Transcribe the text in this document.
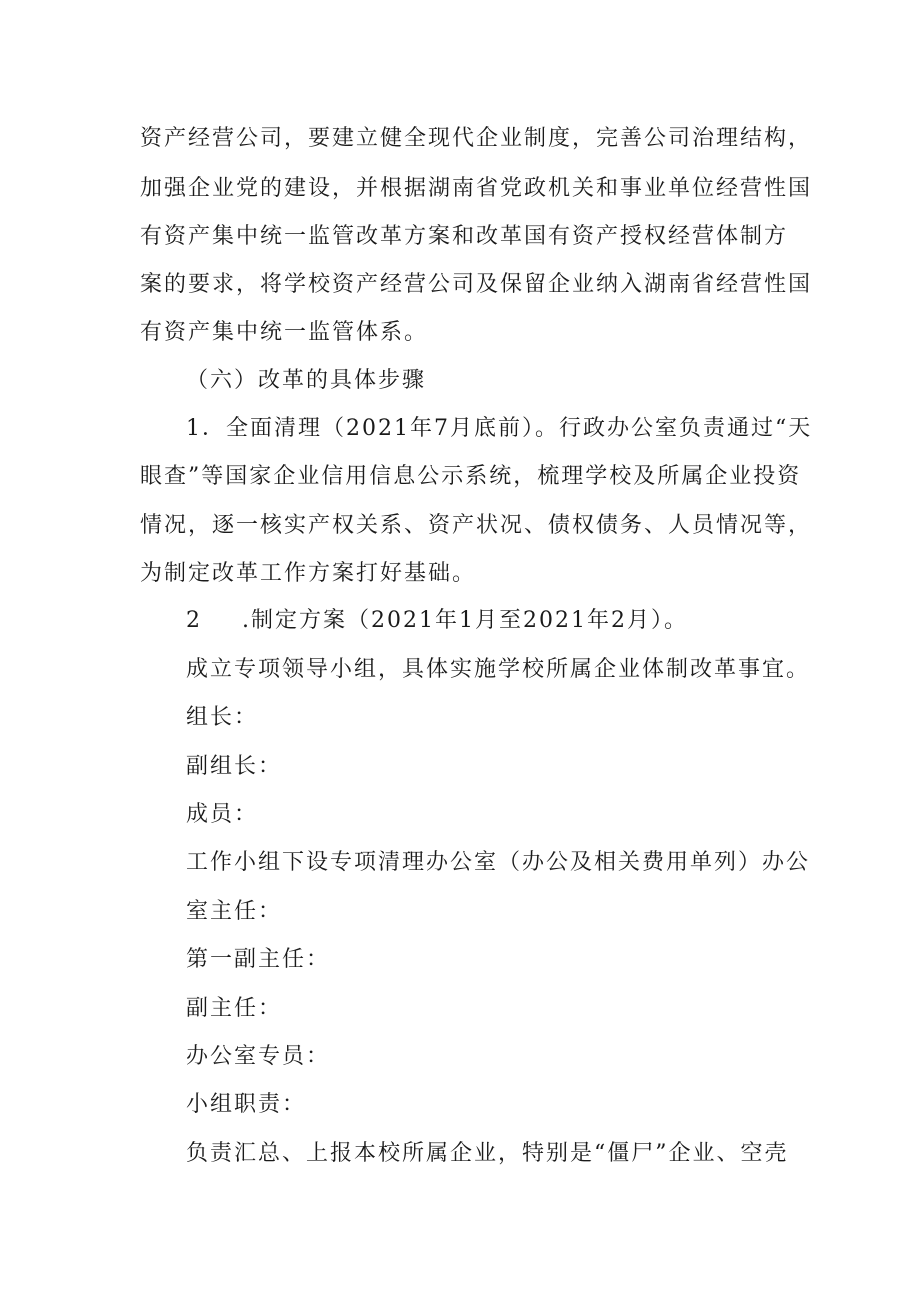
资产经营公司，要建立健全现代企业制度，完善公司治理结构，
加强企业党的建设，并根据湖南省党政机关和事业单位经营性国
有资产集中统一监管改革方案和改革国有资产授权经营体制方
案的要求，将学校资产经营公司及保留企业纳入湖南省经营性国
有资产集中统一监管体系。
（六）改革的具体步骤
1．全面清理（2021年7月底前）。行政办公室负责通过“天
眼查”等国家企业信用信息公示系统，梳理学校及所属企业投资
情况，逐一核实产权关系、资产状况、债权债务、人员情况等，
为制定改革工作方案打好基础。
2 .制定方案（2021年1月至2021年2月）。
成立专项领导小组，具体实施学校所属企业体制改革事宜。
组长：
副组长：
成员：
工作小组下设专项清理办公室（办公及相关费用单列）办公
室主任：
第一副主任：
副主任：
办公室专员：
小组职责：
负责汇总、上报本校所属企业，特别是“僵尸”企业、空壳
